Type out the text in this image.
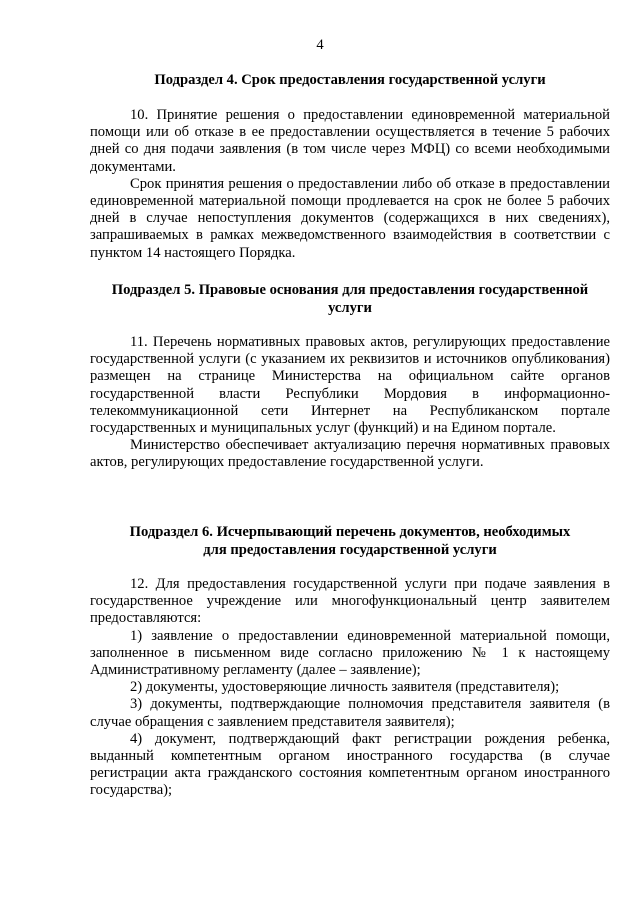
4
Подраздел 4. Срок предоставления государственной услуги

10. Принятие решения о предоставлении единовременной материальной помощи или об отказе в ее предоставлении осуществляется в течение 5 рабочих дней со дня подачи заявления (в том числе через МФЦ) со всеми необходимыми документами.

Срок принятия решения о предоставлении либо об отказе в предоставлении единовременной материальной помощи продлевается на срок не более 5 рабочих дней в случае непоступления документов (содержащихся в них сведениях), запрашиваемых в рамках межведомственного взаимодействия в соответствии с пунктом 14 настоящего Порядка.

Подраздел 5. Правовые основания для предоставления государственной
услуги

11. Перечень нормативных правовых актов, регулирующих предоставление государственной услуги (с указанием их реквизитов и источников опубликования) размещен на странице Министерства на официальном сайте органов государственной власти Республики Мордовия в информационно-телекоммуникационной сети Интернет на Республиканском портале государственных и муниципальных услуг (функций) и на Едином портале.

Министерство обеспечивает актуализацию перечня нормативных правовых актов, регулирующих предоставление государственной услуги.

Подраздел 6. Исчерпывающий перечень документов, необходимых
для предоставления государственной услуги

12. Для предоставления государственной услуги при подаче заявления в государственное учреждение или многофункциональный центр заявителем предоставляются:

1) заявление о предоставлении единовременной материальной помощи, заполненное в письменном виде согласно приложению № 1 к настоящему Административному регламенту (далее – заявление);

2) документы, удостоверяющие личность заявителя (представителя);

3) документы, подтверждающие полномочия представителя заявителя (в случае обращения с заявлением представителя заявителя);

4) документ, подтверждающий факт регистрации рождения ребенка, выданный компетентным органом иностранного государства (в случае регистрации акта гражданского состояния компетентным органом иностранного государства);
